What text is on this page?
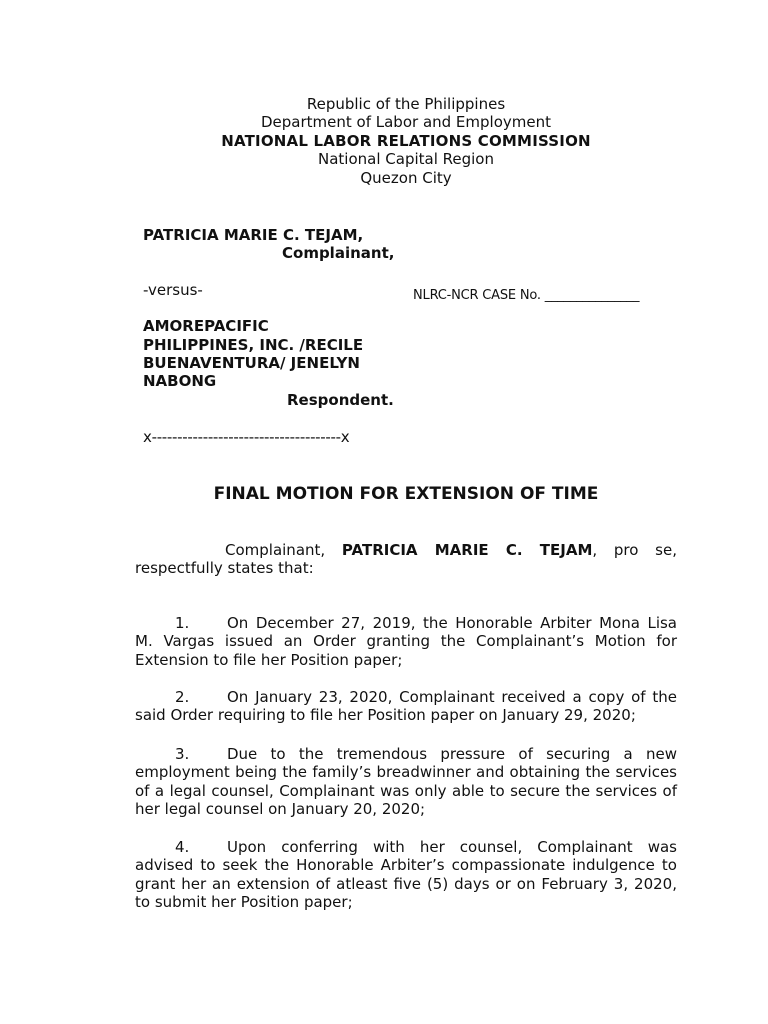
Republic of the Philippines
Department of Labor and Employment
NATIONAL LABOR RELATIONS COMMISSION
National Capital Region
Quezon City
PATRICIA MARIE C. TEJAM,
Complainant,
-versus-	NLRC-NCR CASE No. _______________
AMOREPACIFIC
PHILIPPINES, INC. /RECILE
BUENAVENTURA/ JENELYN
NABONG
Respondent.
x-------------------------------------x
FINAL MOTION FOR EXTENSION OF TIME
Complainant, PATRICIA MARIE C. TEJAM, pro se, respectfully states that:
1.	On December 27, 2019, the Honorable Arbiter Mona Lisa M. Vargas issued an Order granting the Complainant’s Motion for Extension to file her Position paper;
2.	On January 23, 2020, Complainant received a copy of the said Order requiring to file her Position paper on January 29, 2020;
3.	Due to the tremendous pressure of securing a new employment being the family’s breadwinner and obtaining the services of a legal counsel, Complainant was only able to secure the services of her legal counsel on January 20, 2020;
4.	Upon conferring with her counsel, Complainant was advised to seek the Honorable Arbiter’s compassionate indulgence to grant her an extension of atleast five (5) days or on February 3, 2020, to submit her Position paper;
